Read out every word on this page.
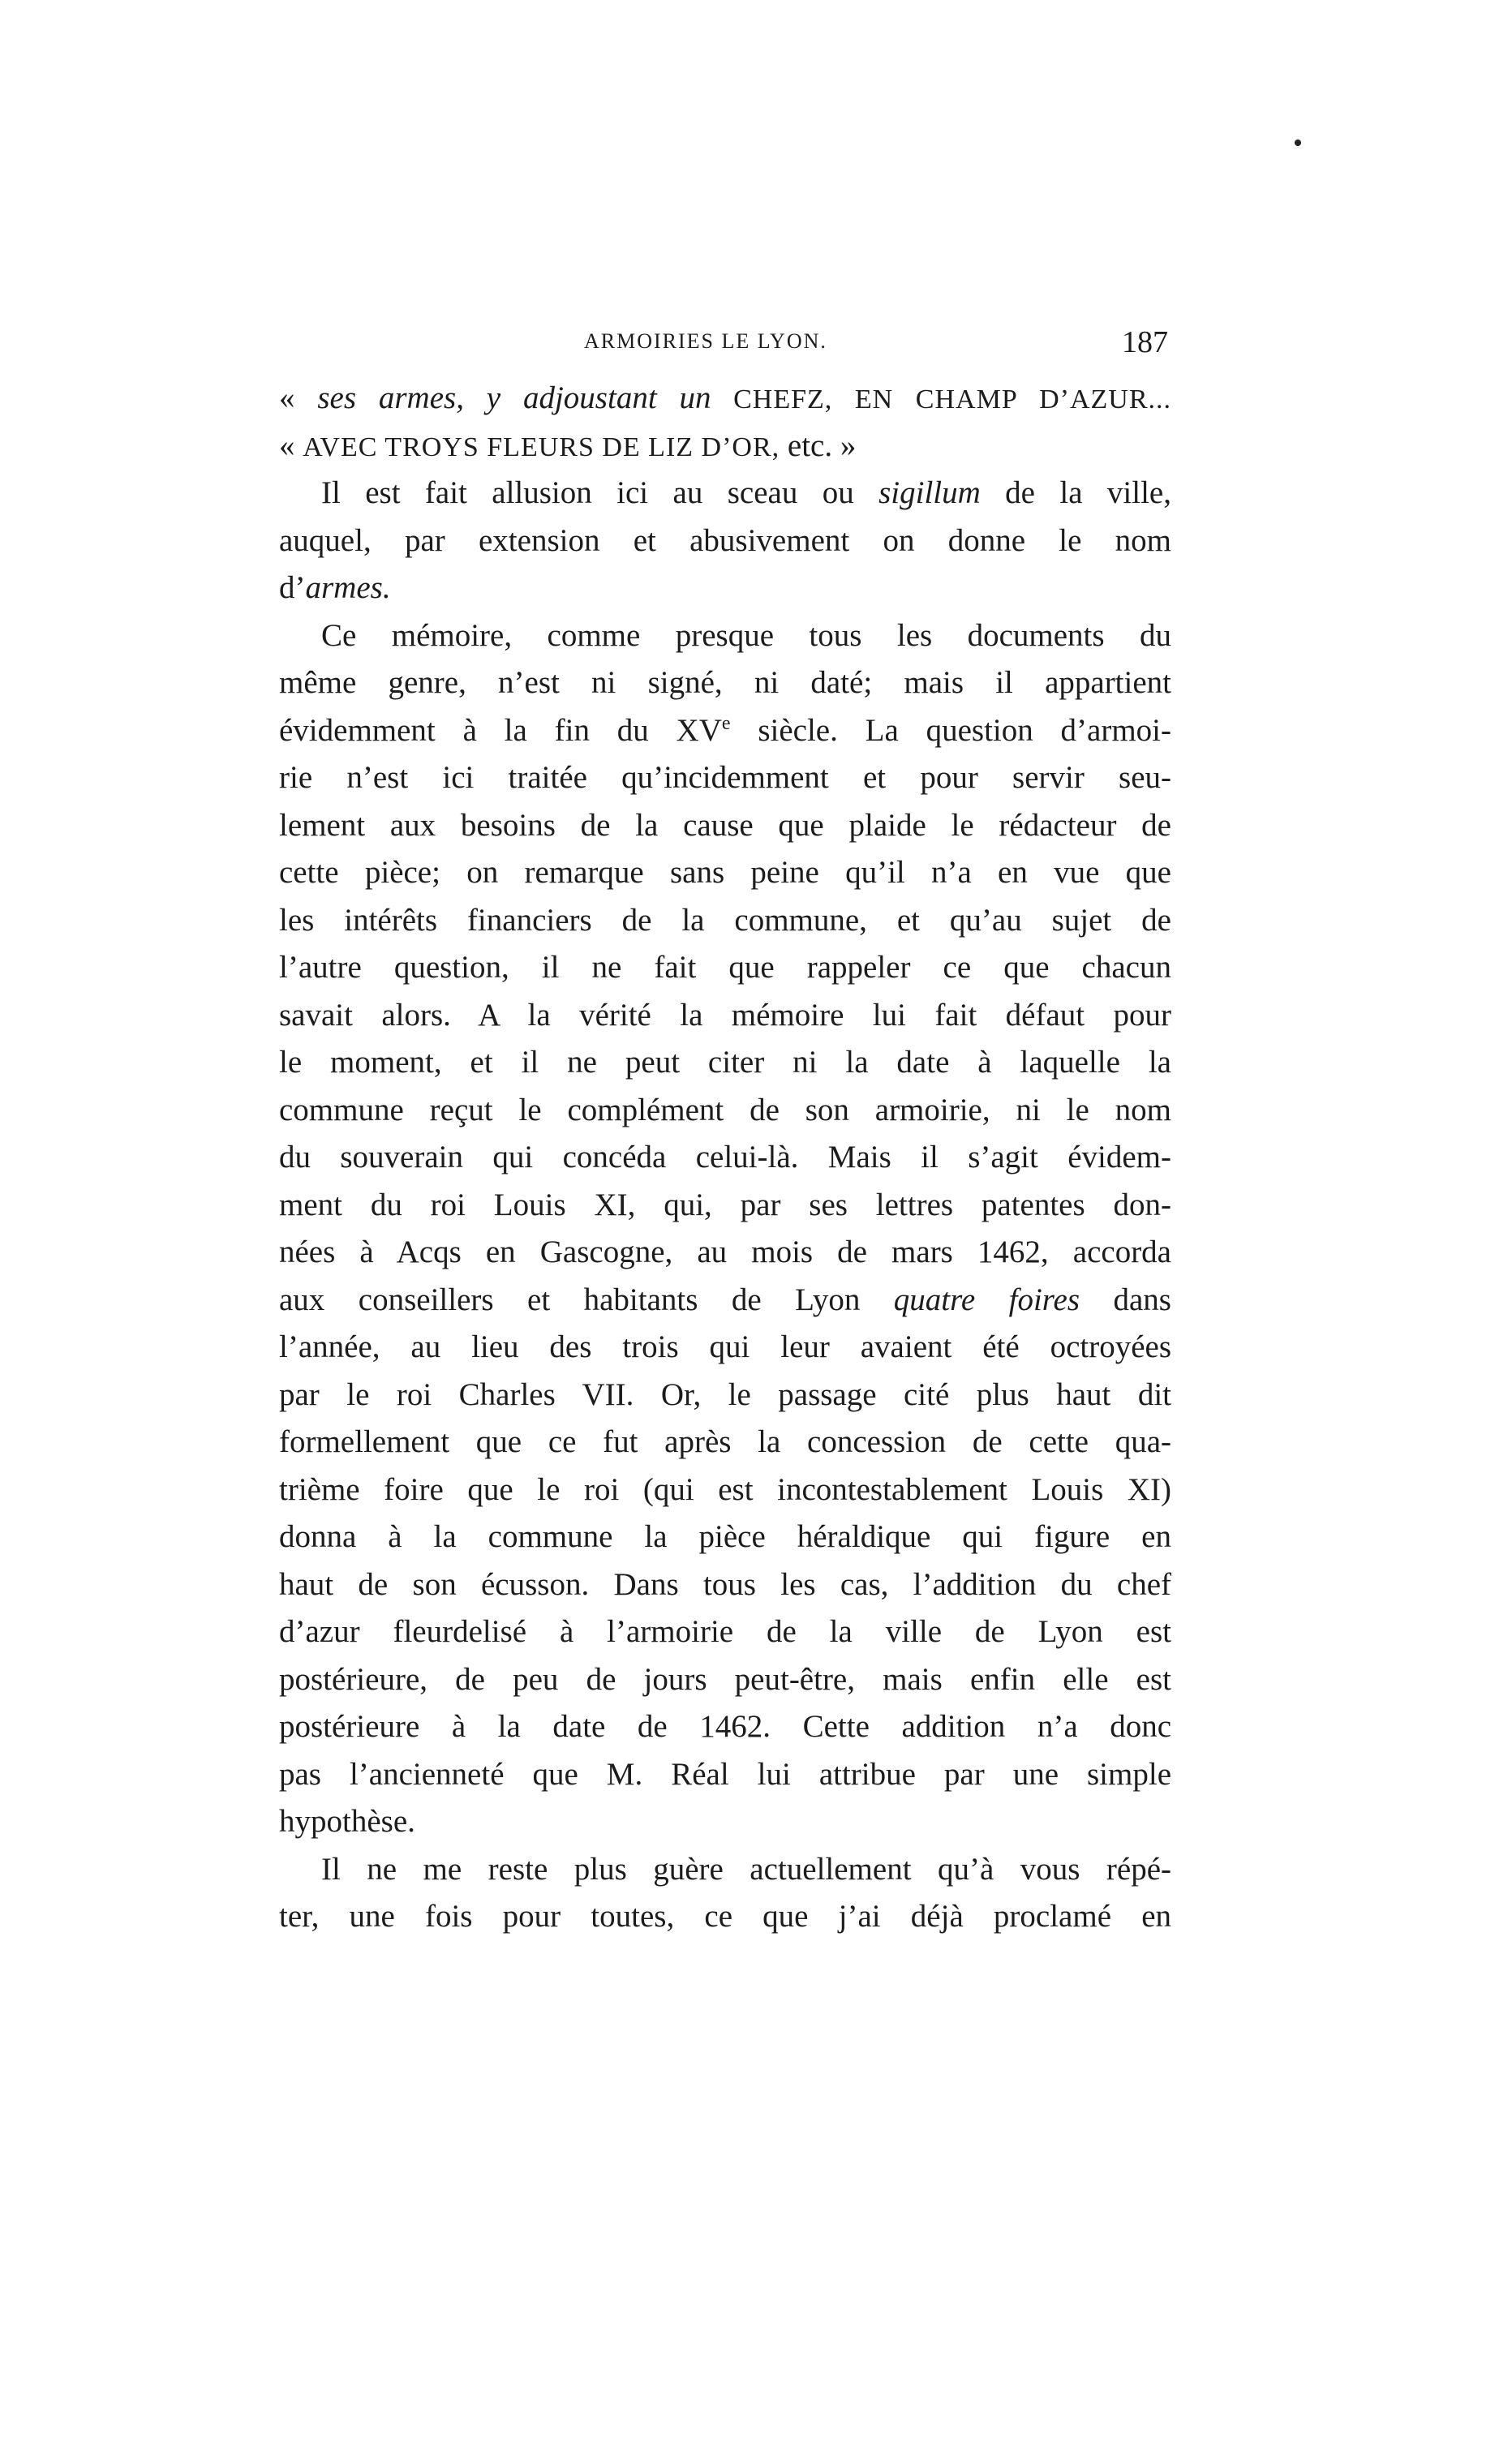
ARMOIRIES LE LYON.	187
« ses armes, y adjoustant un CHEFZ, EN CHAMP D’AZUR...
« AVEC TROYS FLEURS DE LIZ D’OR, etc. »
Il est fait allusion ici au sceau ou sigillum de la ville,
auquel, par extension et abusivement on donne le nom
d’armes.
Ce mémoire, comme presque tous les documents du
même genre, n’est ni signé, ni daté; mais il appartient
évidemment à la fin du XVe siècle. La question d’armoi-
rie n’est ici traitée qu’incidemment et pour servir seu-
lement aux besoins de la cause que plaide le rédacteur de
cette pièce; on remarque sans peine qu’il n’a en vue que
les intérêts financiers de la commune, et qu’au sujet de
l’autre question, il ne fait que rappeler ce que chacun
savait alors. A la vérité la mémoire lui fait défaut pour
le moment, et il ne peut citer ni la date à laquelle la
commune reçut le complément de son armoirie, ni le nom
du souverain qui concéda celui-là. Mais il s’agit évidem-
ment du roi Louis XI, qui, par ses lettres patentes don-
nées à Acqs en Gascogne, au mois de mars 1462, accorda
aux conseillers et habitants de Lyon quatre foires dans
l’année, au lieu des trois qui leur avaient été octroyées
par le roi Charles VII. Or, le passage cité plus haut dit
formellement que ce fut après la concession de cette qua-
trième foire que le roi (qui est incontestablement Louis XI)
donna à la commune la pièce héraldique qui figure en
haut de son écusson. Dans tous les cas, l’addition du chef
d’azur fleurdelisé à l’armoirie de la ville de Lyon est
postérieure, de peu de jours peut-être, mais enfin elle est
postérieure à la date de 1462. Cette addition n’a donc
pas l’ancienneté que M. Réal lui attribue par une simple
hypothèse.
Il ne me reste plus guère actuellement qu’à vous répé-
ter, une fois pour toutes, ce que j’ai déjà proclamé en
